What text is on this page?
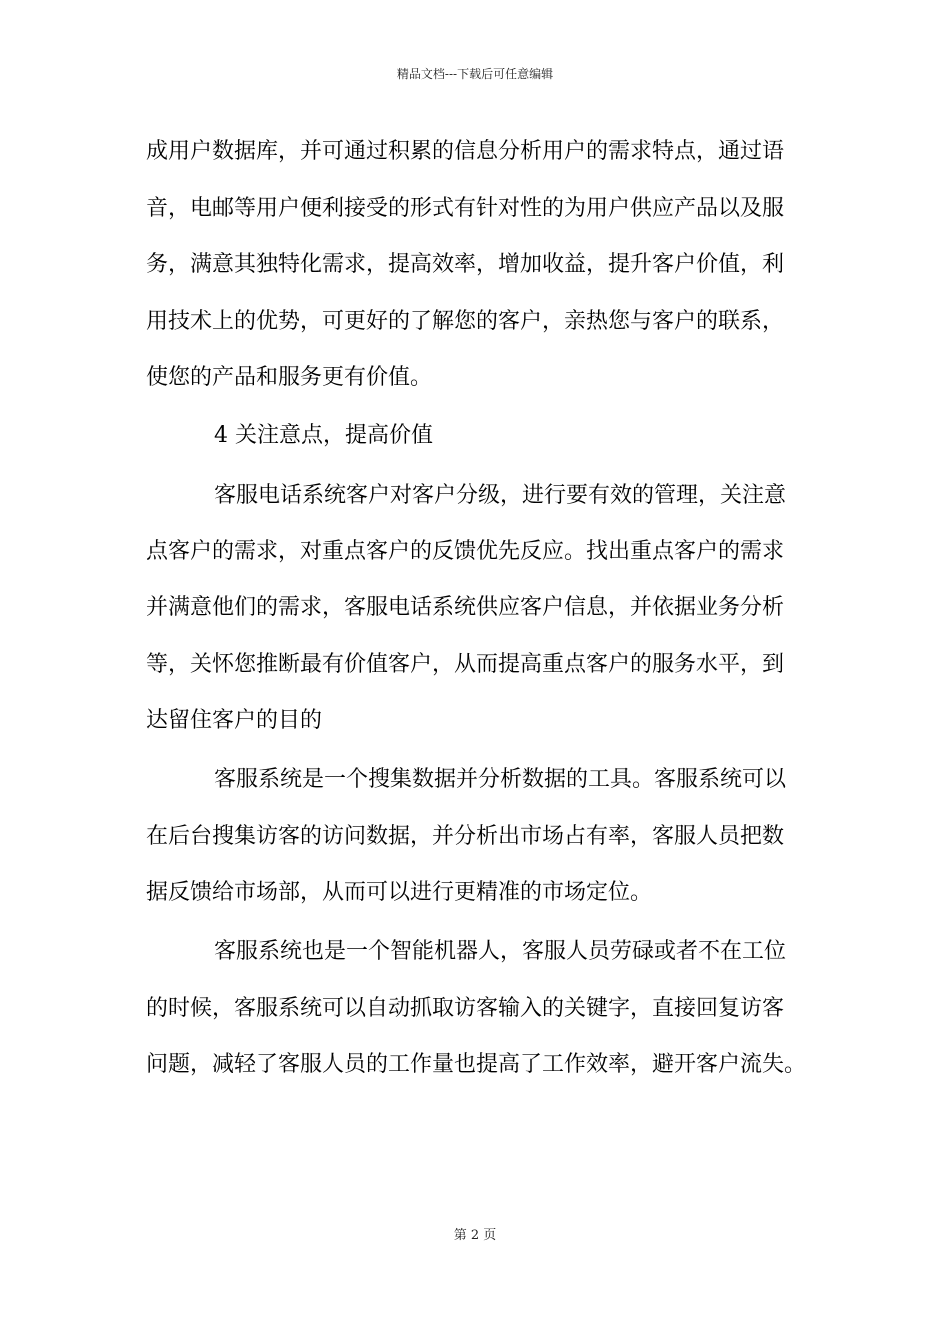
精品文档---下载后可任意编辑
成用户数据库，并可通过积累的信息分析用户的需求特点，通过语
音，电邮等用户便利接受的形式有针对性的为用户供应产品以及服
务，满意其独特化需求，提高效率，增加收益，提升客户价值，利
用技术上的优势，可更好的了解您的客户，亲热您与客户的联系，
使您的产品和服务更有价值。
4 关注意点，提高价值
客服电话系统客户对客户分级，进行要有效的管理，关注意
点客户的需求，对重点客户的反馈优先反应。找出重点客户的需求
并满意他们的需求，客服电话系统供应客户信息，并依据业务分析
等，关怀您推断最有价值客户，从而提高重点客户的服务水平，到
达留住客户的目的
客服系统是一个搜集数据并分析数据的工具。客服系统可以
在后台搜集访客的访问数据，并分析出市场占有率，客服人员把数
据反馈给市场部，从而可以进行更精准的市场定位。
客服系统也是一个智能机器人，客服人员劳碌或者不在工位
的时候，客服系统可以自动抓取访客输入的关键字，直接回复访客
问题，减轻了客服人员的工作量也提高了工作效率，避开客户流失。
第 2 页
